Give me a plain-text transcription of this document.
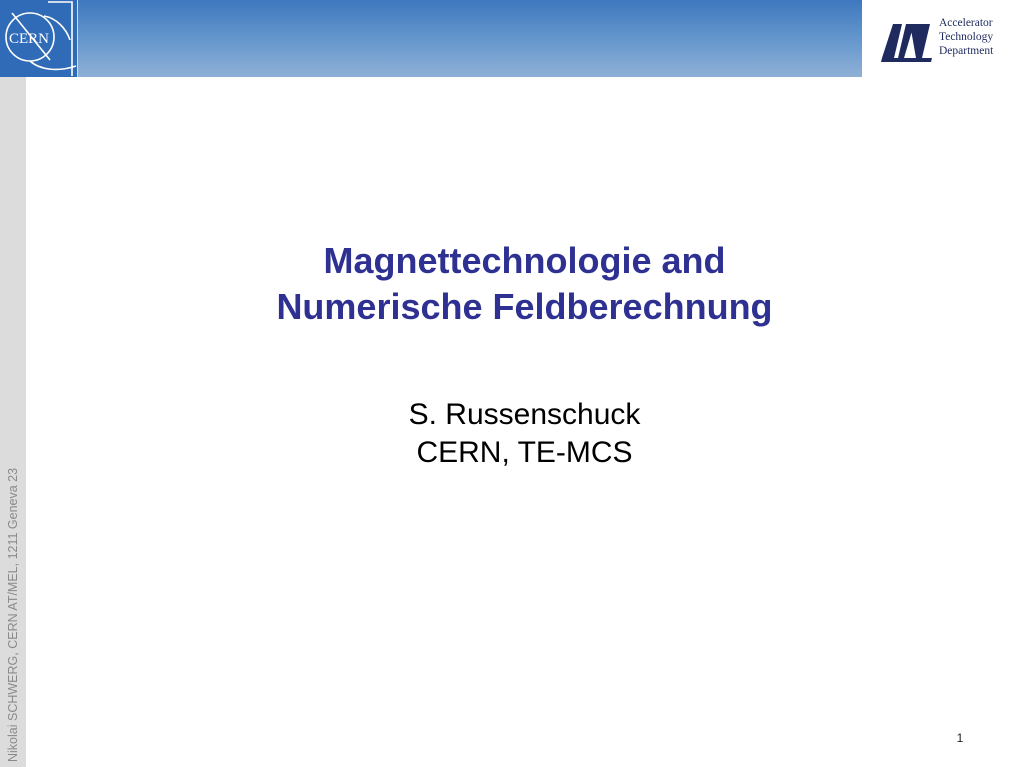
CERN
Accelerator
Technology
Department
Nikolai SCHWERG, CERN AT/MEL, 1211 Geneva 23
Magnettechnologie and
Numerische Feldberechnung
S. Russenschuck
CERN, TE-MCS
1
